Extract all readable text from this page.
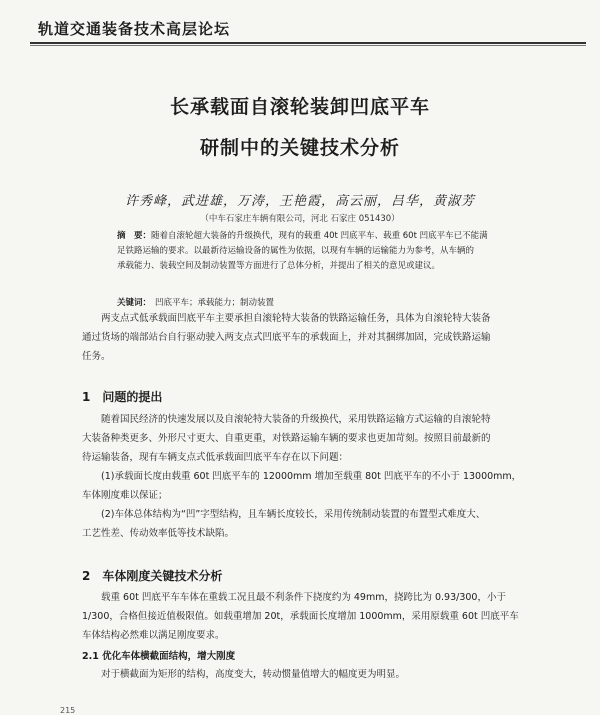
轨道交通装备技术高层论坛
长承载面自滚轮装卸凹底平车
研制中的关键技术分析
许秀峰，武进雄，万涛，王艳霞，高云丽，吕华，黄淑芳
（中车石家庄车辆有限公司，河北 石家庄 051430）

摘　要：随着自滚轮超大装备的升级换代，现有的载重 40t 凹底平车、载重 60t 凹底平车已不能满

足铁路运输的要求。以最新待运输设备的属性为依据，以现有车辆的运输能力为参考，从车辆的

承载能力、装载空间及制动装置等方面进行了总体分析，并提出了相关的意见或建议。

关键词： 凹底平车；承载能力；制动装置

两支点式低承载面凹底平车主要承担自滚轮特大装备的铁路运输任务，具体为自滚轮特大装备

通过货场的端部站台自行驱动驶入两支点式凹底平车的承载面上，并对其捆绑加固，完成铁路运输

任务。

1　问题的提出

随着国民经济的快速发展以及自滚轮特大装备的升级换代，采用铁路运输方式运输的自滚轮特

大装备种类更多、外形尺寸更大、自重更重，对铁路运输车辆的要求也更加苛刻。按照目前最新的

待运输装备，现有车辆支点式低承载面凹底平车存在以下问题：

(1)承载面长度由载重 60t 凹底平车的 12000mm 增加至载重 80t 凹底平车的不小于 13000mm，

车体刚度难以保证；

(2)车体总体结构为“凹”字型结构，且车辆长度较长，采用传统制动装置的布置型式难度大、

工艺性差、传动效率低等技术缺陷。

2　车体刚度关键技术分析

载重 60t 凹底平车车体在重载工况且最不利条件下挠度约为 49mm，挠跨比为 0.93/300，小于

1/300，合格但接近值极限值。如载重增加 20t，承载面长度增加 1000mm，采用原载重 60t 凹底平车

车体结构必然难以满足刚度要求。

2.1 优化车体横截面结构，增大刚度

对于横截面为矩形的结构，高度变大，转动惯量值增大的幅度更为明显。

215
